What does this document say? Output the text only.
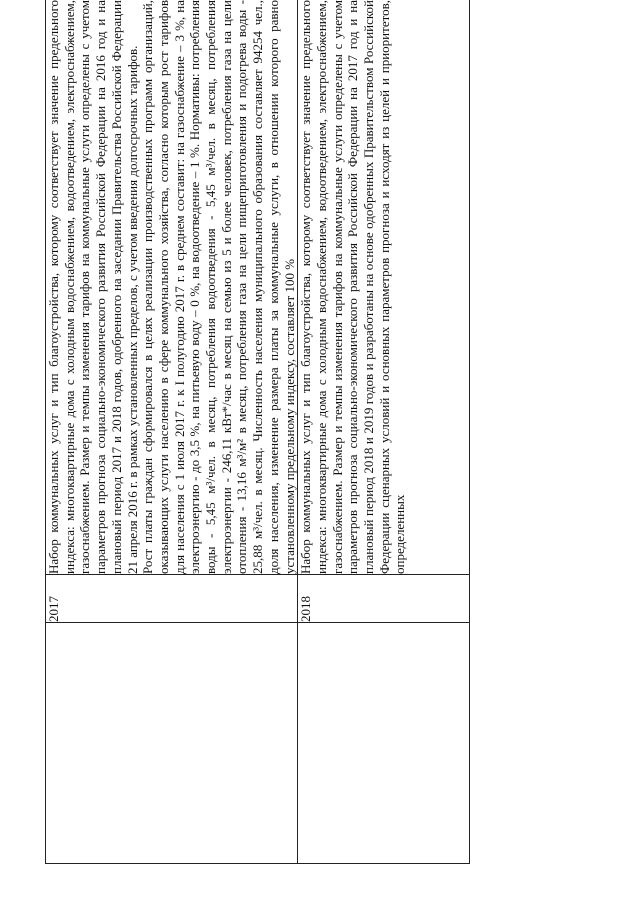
	2017	Набор коммунальных услуг и тип благоустройства, которому соответствует значение предельного индекса: многоквартирные дома с холодным водоснабжением, водоотведением, электроснабжением, газоснабжением. Размер и темпы изменения тарифов на коммунальные услуги определены с учетом параметров прогноза социально-экономического развития Российской Федерации на 2016 год и на плановый период 2017 и 2018 годов, одобренного на заседании Правительства Российской Федерации 21 апреля 2016 г. в рамках установленных пределов, с учетом введения долгосрочных тарифов. Рост платы граждан сформировался в целях реализации производственных программ организаций, оказывающих услуги населению в сфере коммунального хозяйства, согласно которым рост тарифов для населения с 1 июля 2017 г. к I полугодию 2017 г. в среднем составит: на газоснабжение – 3 %, на электроэнергию - до 3,5 %, на питьевую воду – 0 %, на водоотведение – 1 %. Нормативы: потребления воды - 5,45 м³/чел. в месяц, потребления водоотведения - 5,45 м³/чел. в месяц, потребления электроэнергии - 246,11 кВт*/час в месяц на семью из 5 и более человек, потребления газа на цели отопления - 13,16 м³/м² в месяц, потребления газа на цели пищеприготовления и подогрева воды - 25,88 м³/чел. в месяц. Численность населения муниципального образования составляет 94254 чел., доля населения, изменение размера платы за коммунальные услуги, в отношении которого равно установленному предельному индексу, составляет 100 %

	2018	Набор коммунальных услуг и тип благоустройства, которому соответствует значение предельного индекса: многоквартирные дома с холодным водоснабжением, водоотведением, электроснабжением, газоснабжением. Размер и темпы изменения тарифов на коммунальные услуги определены с учетом параметров прогноза социально-экономического развития Российской Федерации на 2017 год и на плановый период 2018 и 2019 годов и разработаны на основе одобренных Правительством Российской Федерации сценарных условий и основных параметров прогноза и исходят из целей и приоритетов, определенных
